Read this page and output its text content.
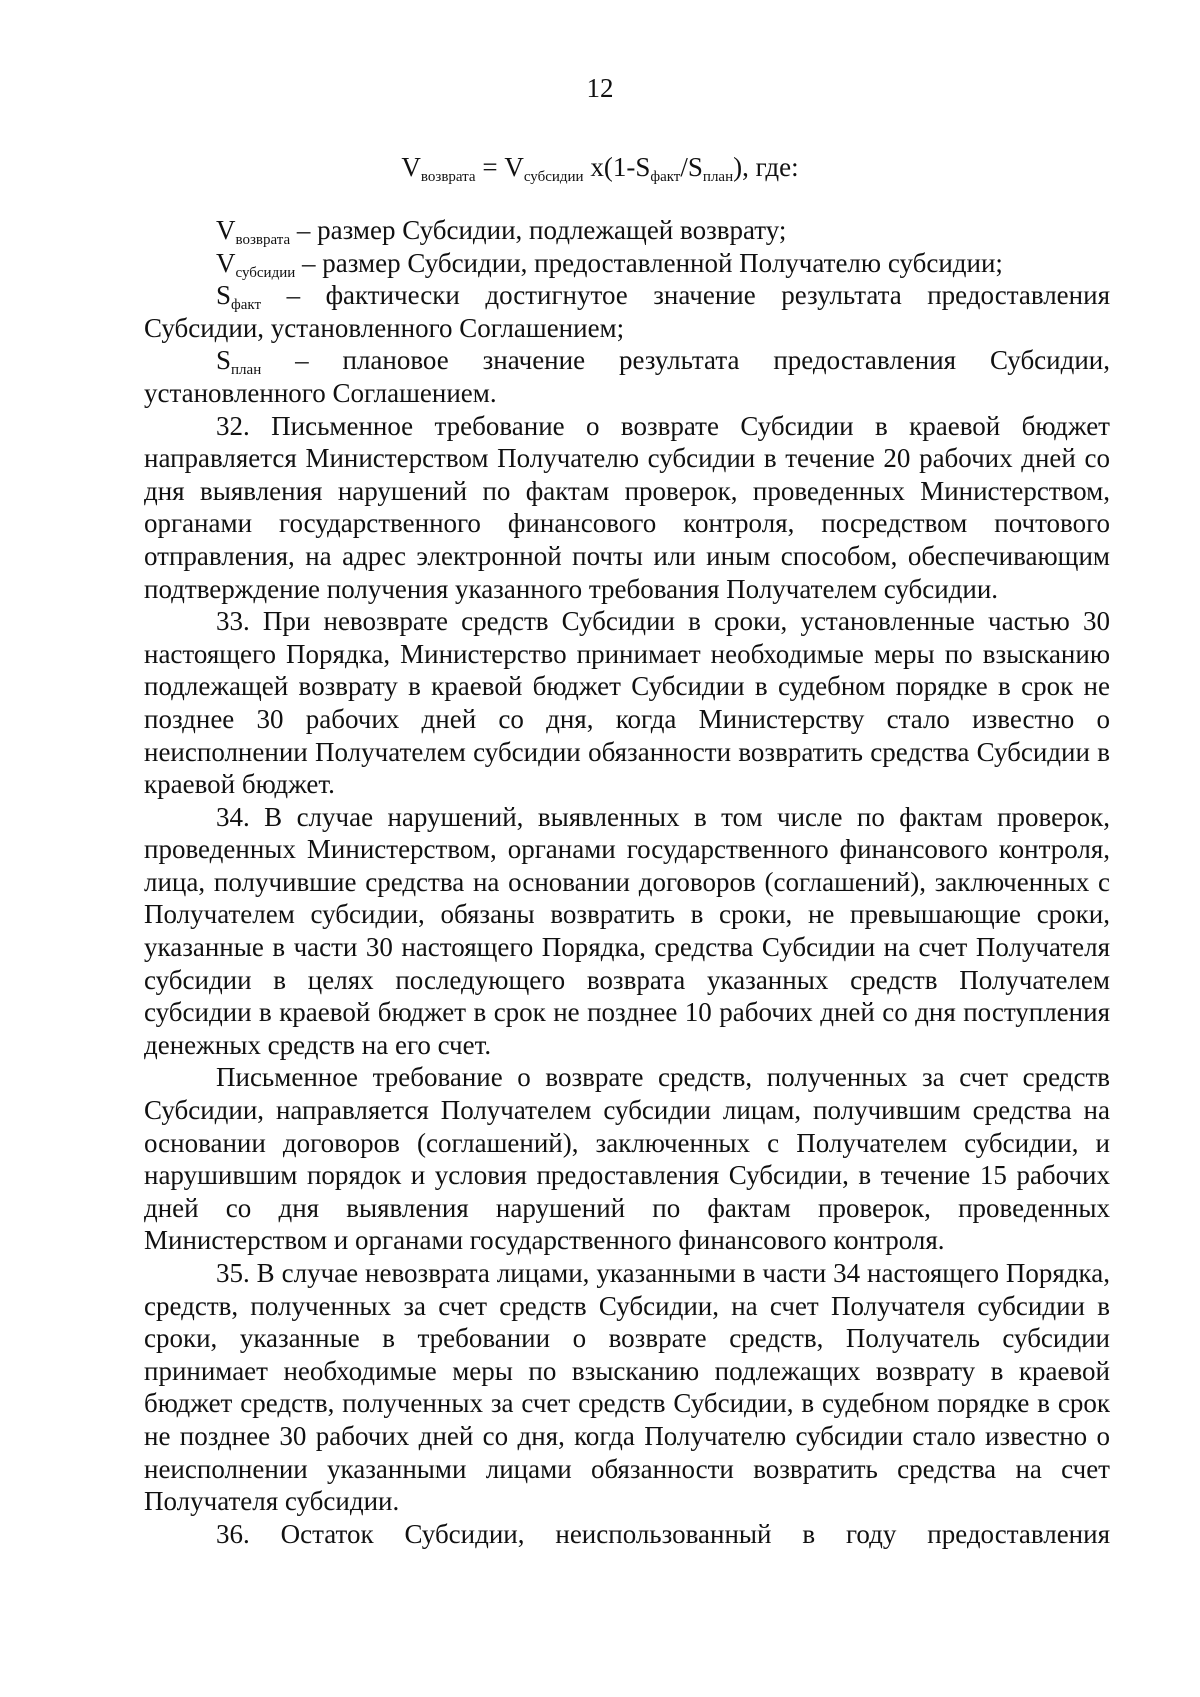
12
$V_{возврата} = V_{субсидии}$ $х(1-S_{факт}/S_{план})$, где:

$V_{возврата}$ – размер Субсидии, подлежащей возврату;

$V_{субсидии}$ – размер Субсидии, предоставленной Получателю субсидии;

$S_{факт}$ – фактически достигнутое значение результата предоставления Субсидии, установленного Соглашением;

$S_{план}$ – плановое значение результата предоставления Субсидии, установленного Соглашением.

32. Письменное требование о возврате Субсидии в краевой бюджет направляется Министерством Получателю субсидии в течение 20 рабочих дней со дня выявления нарушений по фактам проверок, проведенных Министерством, органами государственного финансового контроля, посредством почтового отправления, на адрес электронной почты или иным способом, обеспечивающим подтверждение получения указанного требования Получателем субсидии.

33. При невозврате средств Субсидии в сроки, установленные частью 30 настоящего Порядка, Министерство принимает необходимые меры по взысканию подлежащей возврату в краевой бюджет Субсидии в судебном порядке в срок не позднее 30 рабочих дней со дня, когда Министерству стало известно о неисполнении Получателем субсидии обязанности возвратить средства Субсидии в краевой бюджет.

34. В случае нарушений, выявленных в том числе по фактам проверок, проведенных Министерством, органами государственного финансового контроля, лица, получившие средства на основании договоров (соглашений), заключенных с Получателем субсидии, обязаны возвратить в сроки, не превышающие сроки, указанные в части 30 настоящего Порядка, средства Субсидии на счет Получателя субсидии в целях последующего возврата указанных средств Получателем субсидии в краевой бюджет в срок не позднее 10 рабочих дней со дня поступления денежных средств на его счет.

Письменное требование о возврате средств, полученных за счет средств Субсидии, направляется Получателем субсидии лицам, получившим средства на основании договоров (соглашений), заключенных с Получателем субсидии, и нарушившим порядок и условия предоставления Субсидии, в течение 15 рабочих дней со дня выявления нарушений по фактам проверок, проведенных Министерством и органами государственного финансового контроля.

35. В случае невозврата лицами, указанными в части 34 настоящего Порядка, средств, полученных за счет средств Субсидии, на счет Получателя субсидии в сроки, указанные в требовании о возврате средств, Получатель субсидии принимает необходимые меры по взысканию подлежащих возврату в краевой бюджет средств, полученных за счет средств Субсидии, в судебном порядке в срок не позднее 30 рабочих дней со дня, когда Получателю субсидии стало известно о неисполнении указанными лицами обязанности возвратить средства на счет Получателя субсидии.

36. Остаток Субсидии, неиспользованный в году предоставления
